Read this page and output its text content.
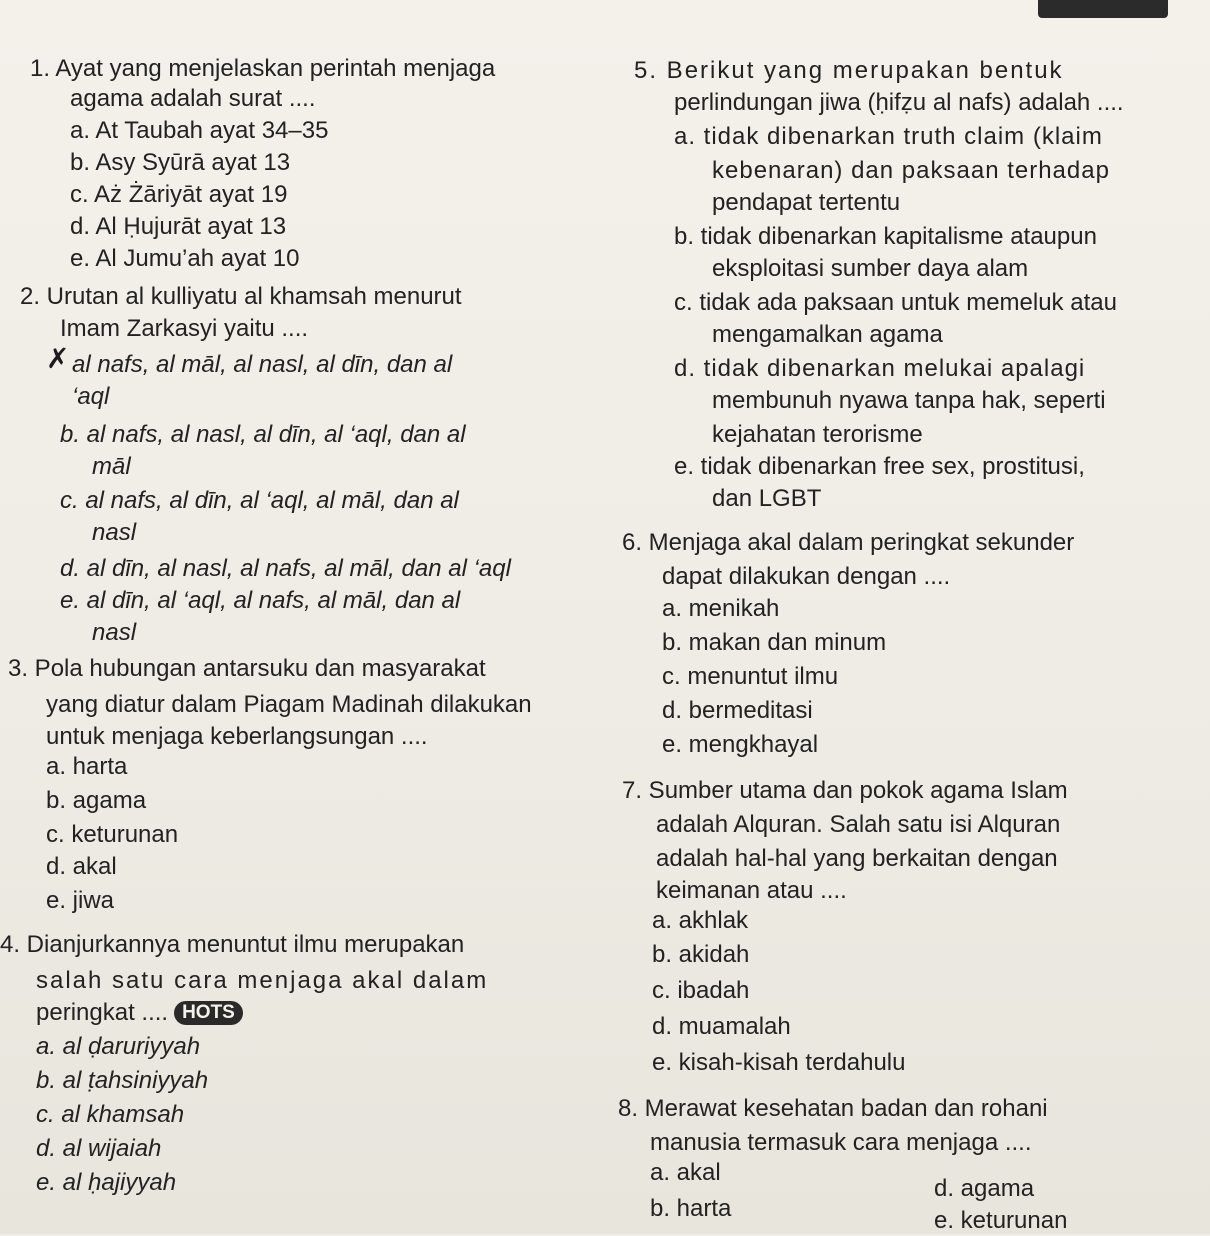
1. Ayat yang menjelaskan perintah menjaga
agama adalah surat ....
a. At Taubah ayat 34–35
b. Asy Syūrā ayat 13
c. Aż Żāriyāt ayat 19
d. Al Ḥujurāt ayat 13
e. Al Jumu’ah ayat 10
2. Urutan al kulliyatu al khamsah menurut
Imam Zarkasyi yaitu ....
✗ al nafs, al māl, al nasl, al dīn, dan al
‘aql
b. al nafs, al nasl, al dīn, al ‘aql, dan al
māl
c. al nafs, al dīn, al ‘aql, al māl, dan al
nasl
d. al dīn, al nasl, al nafs, al māl, dan al ‘aql
e. al dīn, al ‘aql, al nafs, al māl, dan al
nasl
3. Pola hubungan antarsuku dan masyarakat
yang diatur dalam Piagam Madinah dilakukan
untuk menjaga keberlangsungan ....
a. harta
b. agama
c. keturunan
d. akal
e. jiwa
4. Dianjurkannya menuntut ilmu merupakan
salah satu cara menjaga akal dalam
peringkat .... HOTS
a. al ḍaruriyyah
b. al ṭahsiniyyah
c. al khamsah
d. al wijaiah
e. al ḥajiyyah
5. Berikut yang merupakan bentuk
perlindungan jiwa (ḥifẓu al nafs) adalah ....
a. tidak dibenarkan truth claim (klaim
kebenaran) dan paksaan terhadap
pendapat tertentu
b. tidak dibenarkan kapitalisme ataupun
eksploitasi sumber daya alam
c. tidak ada paksaan untuk memeluk atau
mengamalkan agama
d. tidak dibenarkan melukai apalagi
membunuh nyawa tanpa hak, seperti
kejahatan terorisme
e. tidak dibenarkan free sex, prostitusi,
dan LGBT
6. Menjaga akal dalam peringkat sekunder
dapat dilakukan dengan ....
a. menikah
b. makan dan minum
c. menuntut ilmu
d. bermeditasi
e. mengkhayal
7. Sumber utama dan pokok agama Islam
adalah Alquran. Salah satu isi Alquran
adalah hal-hal yang berkaitan dengan
keimanan atau ....
a. akhlak
b. akidah
c. ibadah
d. muamalah
e. kisah-kisah terdahulu
8. Merawat kesehatan badan dan rohani
manusia termasuk cara menjaga ....
a. akal
b. harta
d. agama
e. keturunan
